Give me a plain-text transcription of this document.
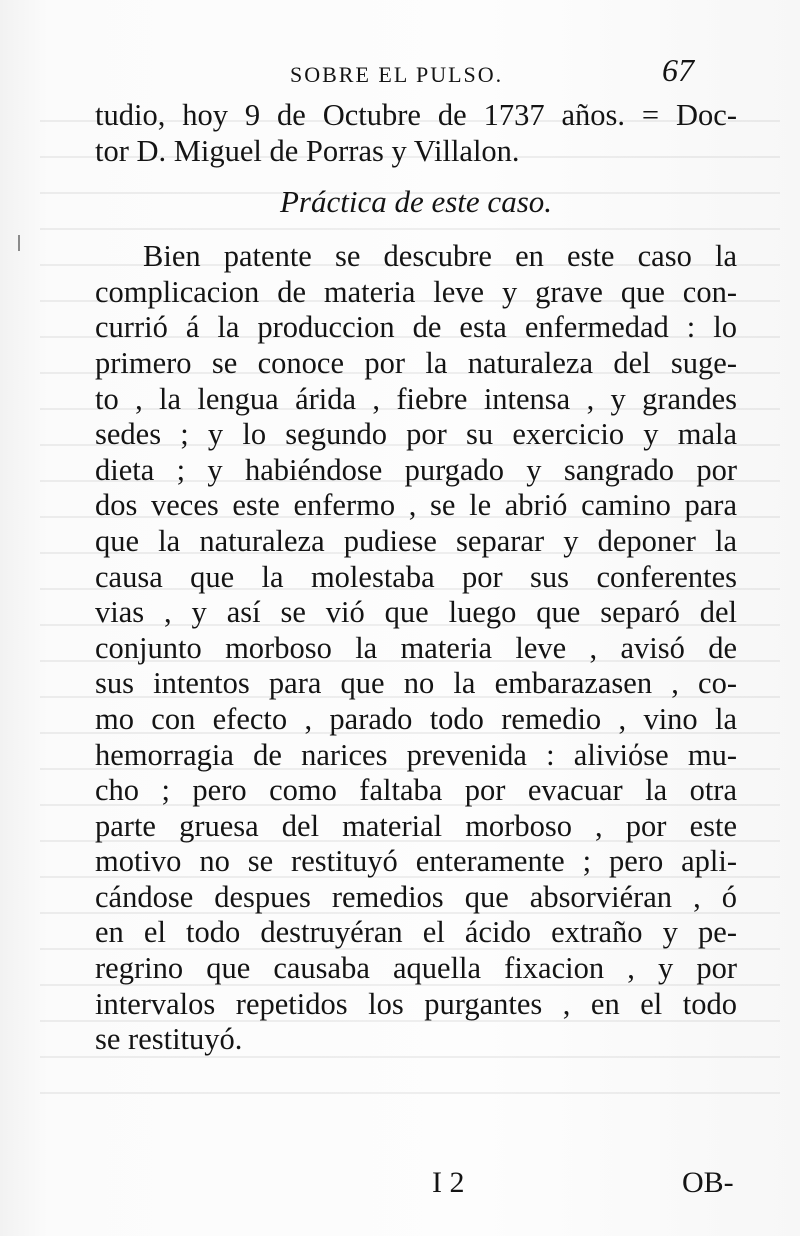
SOBRE EL PULSO.	67
tudio, hoy 9 de Octubre de 1737 años. = Doc-
tor D. Miguel de Porras y Villalon.
Práctica de este caso.
Bien patente se descubre en este caso la
complicacion de materia leve y grave que con-
currió á la produccion de esta enfermedad : lo
primero se conoce por la naturaleza del suge-
to , la lengua árida , fiebre intensa , y grandes
sedes ; y lo segundo por su exercicio y mala
dieta ; y habiéndose purgado y sangrado por
dos veces este enfermo , se le abrió camino para
que la naturaleza pudiese separar y deponer la
causa que la molestaba por sus conferentes
vias , y así se vió que luego que separó del
conjunto morboso la materia leve , avisó de
sus intentos para que no la embarazasen , co-
mo con efecto , parado todo remedio , vino la
hemorragia de narices prevenida : aliviόse mu-
cho ; pero como faltaba por evacuar la otra
parte gruesa del material morboso , por este
motivo no se restituyó enteramente ; pero apli-
cándose despues remedios que absorviéran , ó
en el todo destruyéran el ácido extraño y pe-
regrino que causaba aquella fixacion , y por
intervalos repetidos los purgantes , en el todo
se restituyó.
I 2	OB-
